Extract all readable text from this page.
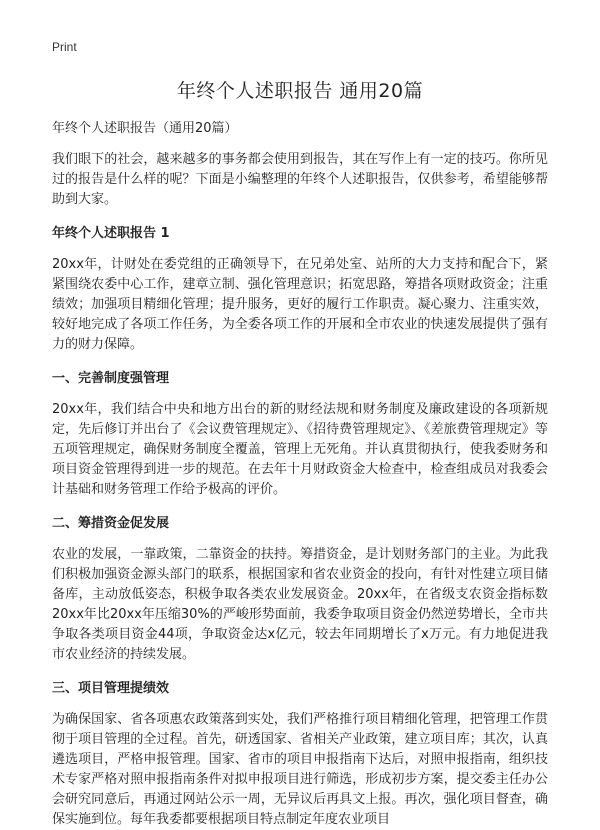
Print
年终个人述职报告 通用20篇
年终个人述职报告（通用20篇）

我们眼下的社会，越来越多的事务都会使用到报告，其在写作上有一定的技巧。你所见过的报告是什么样的呢？下面是小编整理的年终个人述职报告，仅供参考，希望能够帮助到大家。

年终个人述职报告 1

20xx年，计财处在委党组的正确领导下，在兄弟处室、站所的大力支持和配合下，紧紧围绕农委中心工作，建章立制、强化管理意识；拓宽思路，筹措各项财政资金；注重绩效；加强项目精细化管理；提升服务，更好的履行工作职责。凝心聚力、注重实效，较好地完成了各项工作任务，为全委各项工作的开展和全市农业的快速发展提供了强有力的财力保障。

一、完善制度强管理

20xx年，我们结合中央和地方出台的新的财经法规和财务制度及廉政建设的各项新规定，先后修订并出台了《会议费管理规定》、《招待费管理规定》、《差旅费管理规定》等五项管理规定，确保财务制度全覆盖，管理上无死角。并认真贯彻执行，使我委财务和项目资金管理得到进一步的规范。在去年十月财政资金大检查中，检查组成员对我委会计基础和财务管理工作给予极高的评价。

二、筹措资金促发展

农业的发展，一靠政策，二靠资金的扶持。筹措资金，是计划财务部门的主业。为此我们积极加强资金源头部门的联系，根据国家和省农业资金的投向，有针对性建立项目储备库，主动放低姿态，积极争取各类农业发展资金。20xx年，在省级支农资金指标数20xx年比20xx年压缩30%的严峻形势面前，我委争取项目资金仍然逆势增长，全市共争取各类项目资金44项，争取资金达x亿元，较去年同期增长了x万元。有力地促进我市农业经济的持续发展。

三、项目管理提绩效

为确保国家、省各项惠农政策落到实处，我们严格推行项目精细化管理，把管理工作贯彻于项目管理的全过程。首先，研透国家、省相关产业政策，建立项目库；其次，认真遴选项目，严格申报管理。国家、省市的项目申报指南下达后，对照申报指南，组织技术专家严格对照申报指南条件对拟申报项目进行筛选，形成初步方案，提交委主任办公会研究同意后，再通过网站公示一周，无异议后再具文上报。再次，强化项目督查，确保实施到位。每年我委都要根据项目特点制定年度农业项目
